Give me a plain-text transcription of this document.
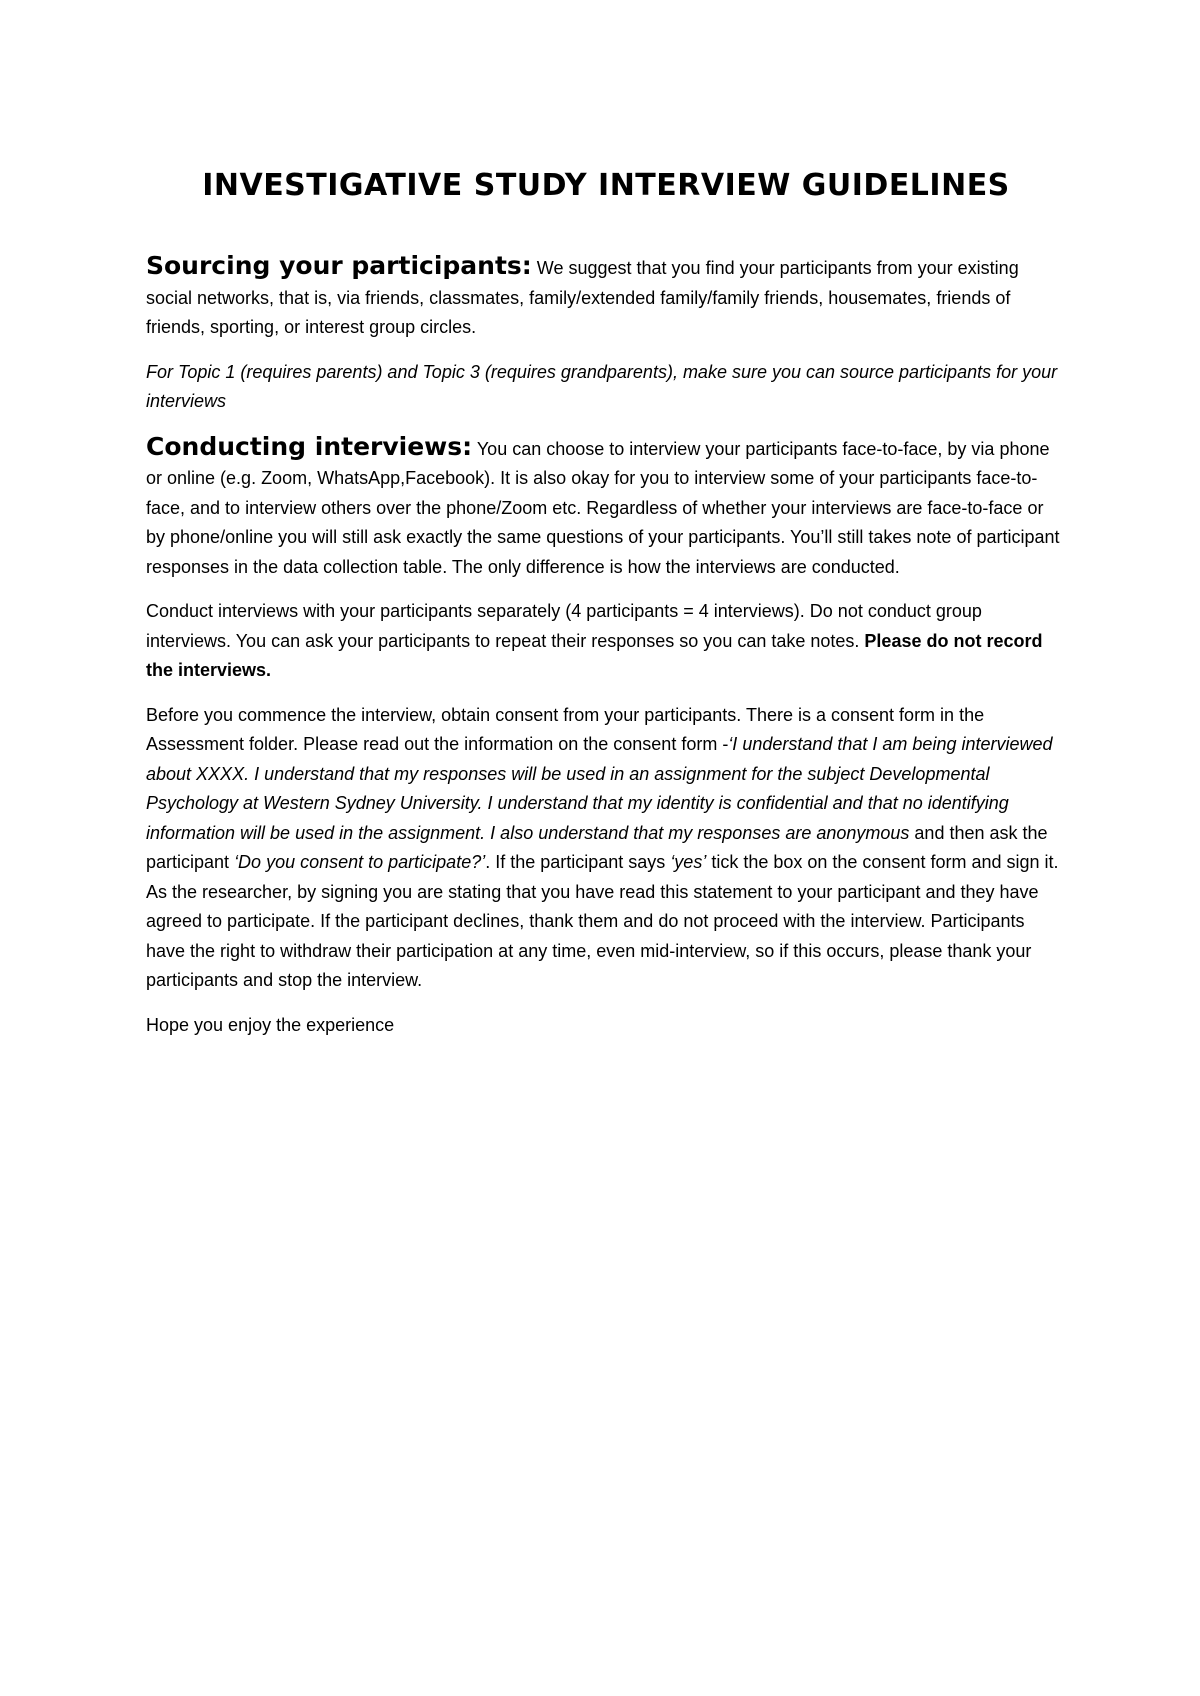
INVESTIGATIVE STUDY INTERVIEW GUIDELINES

Sourcing your participants: We suggest that you find your participants from your existing social networks, that is, via friends, classmates, family/extended family/family friends, housemates, friends of friends, sporting, or interest group circles.

For Topic 1 (requires parents) and Topic 3 (requires grandparents), make sure you can source participants for your interviews

Conducting interviews: You can choose to interview your participants face-to-face, by via phone or online (e.g. Zoom, WhatsApp,Facebook). It is also okay for you to interview some of your participants face-to-face, and to interview others over the phone/Zoom etc. Regardless of whether your interviews are face-to-face or by phone/online you will still ask exactly the same questions of your participants. You’ll still takes note of participant responses in the data collection table. The only difference is how the interviews are conducted.

Conduct interviews with your participants separately (4 participants = 4 interviews). Do not conduct group interviews. You can ask your participants to repeat their responses so you can take notes. Please do not record the interviews.

Before you commence the interview, obtain consent from your participants. There is a consent form in the Assessment folder. Please read out the information on the consent form -‘I understand that I am being interviewed about XXXX. I understand that my responses will be used in an assignment for the subject Developmental Psychology at Western Sydney University. I understand that my identity is confidential and that no identifying information will be used in the assignment. I also understand that my responses are anonymous and then ask the participant ‘Do you consent to participate?’. If the participant says ‘yes’ tick the box on the consent form and sign it. As the researcher, by signing you are stating that you have read this statement to your participant and they have agreed to participate. If the participant declines, thank them and do not proceed with the interview. Participants have the right to withdraw their participation at any time, even mid-interview, so if this occurs, please thank your participants and stop the interview.

Hope you enjoy the experience
